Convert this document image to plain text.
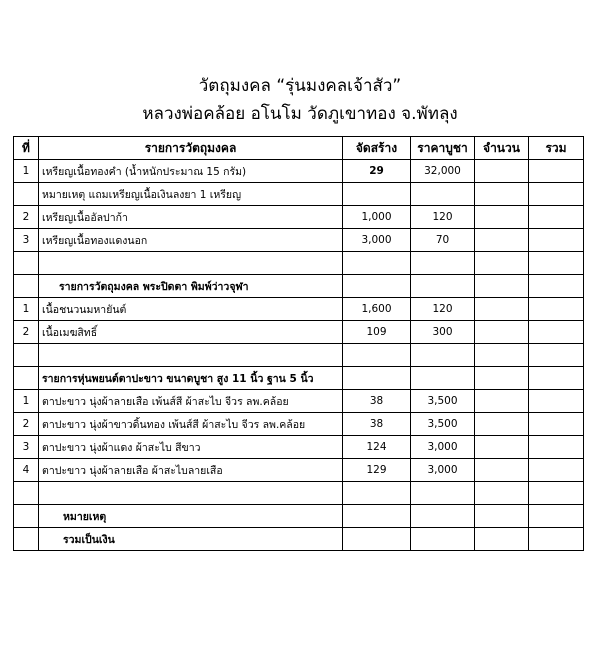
วัตถุมงคล “รุ่นมงคลเจ้าสัว”
หลวงพ่อคล้อย อโนโม วัดภูเขาทอง จ.พัทลุง
ที่	รายการวัตถุมงคล	จัดสร้าง	ราคาบูชา	จำนวน	รวม
1	เหรียญเนื้อทองคำ (น้ำหนักประมาณ 15 กรัม)	29	32,000		
	หมายเหตุ แถมเหรียญเนื้อเงินลงยา 1 เหรียญ				
2	เหรียญเนื้ออัลปาก้า	1,000	120		
3	เหรียญเนื้อทองแดงนอก	3,000	70		

	รายการวัตถุมงคล พระปิดตา พิมพ์ว่าวจุฬา				
1	เนื้อชนวนมหายันต์	1,600	120		
2	เนื้อเมฆสิทธิ์	109	300		

	รายการหุ่นพยนต์ตาปะขาว ขนาดบูชา สูง 11 นิ้ว ฐาน 5 นิ้ว				
1	ตาปะขาว นุ่งผ้าลายเสือ เพ้นส์สี ผ้าสะไบ จีวร ลพ.คล้อย	38	3,500		
2	ตาปะขาว นุ่งผ้าขาวดิ้นทอง เพ้นส์สี ผ้าสะไบ จีวร ลพ.คล้อย	38	3,500		
3	ตาปะขาว นุ่งผ้าแดง ผ้าสะไบ สีขาว	124	3,000		
4	ตาปะขาว นุ่งผ้าลายเสือ ผ้าสะไบลายเสือ	129	3,000		

	หมายเหตุ				
	รวมเป็นเงิน				
